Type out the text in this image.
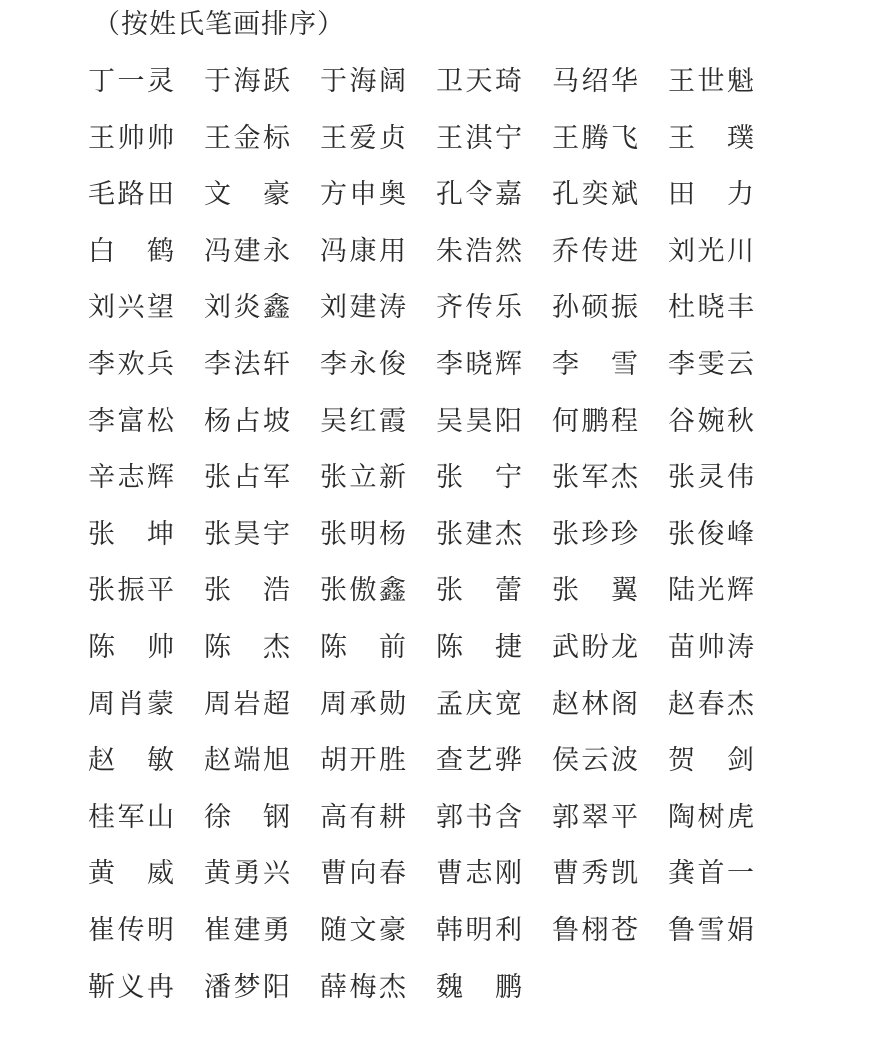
（按姓氏笔画排序）
丁 一 灵 于 海 跃 于 海 阔 卫 天 琦 马 绍 华 王 世 魁
王 帅 帅 王 金 标 王 爱 贞 王 淇 宁 王 腾 飞 王 璞
毛 路 田 文 豪 方 申 奥 孔 令 嘉 孔 奕 斌 田 力
白 鹤 冯 建 永 冯 康 用 朱 浩 然 乔 传 进 刘 光 川
刘 兴 望 刘 炎 鑫 刘 建 涛 齐 传 乐 孙 硕 振 杜 晓 丰
李 欢 兵 李 法 轩 李 永 俊 李 晓 辉 李 雪 李 雯 云
李 富 松 杨 占 坡 吴 红 霞 吴 昊 阳 何 鹏 程 谷 婉 秋
辛 志 辉 张 占 军 张 立 新 张 宁 张 军 杰 张 灵 伟
张 坤 张 昊 宇 张 明 杨 张 建 杰 张 珍 珍 张 俊 峰
张 振 平 张 浩 张 傲 鑫 张 蕾 张 翼 陆 光 辉
陈 帅 陈 杰 陈 前 陈 捷 武 盼 龙 苗 帅 涛
周 肖 蒙 周 岩 超 周 承 勋 孟 庆 宽 赵 林 阁 赵 春 杰
赵 敏 赵 端 旭 胡 开 胜 查 艺 骅 侯 云 波 贺 剑
桂 军 山 徐 钢 高 有 耕 郭 书 含 郭 翠 平 陶 树 虎
黄 威 黄 勇 兴 曹 向 春 曹 志 刚 曹 秀 凯 龚 首 一
崔 传 明 崔 建 勇 随 文 豪 韩 明 利 鲁 栩 苍 鲁 雪 娟
靳 义 冉 潘 梦 阳 薛 梅 杰 魏 鹏
